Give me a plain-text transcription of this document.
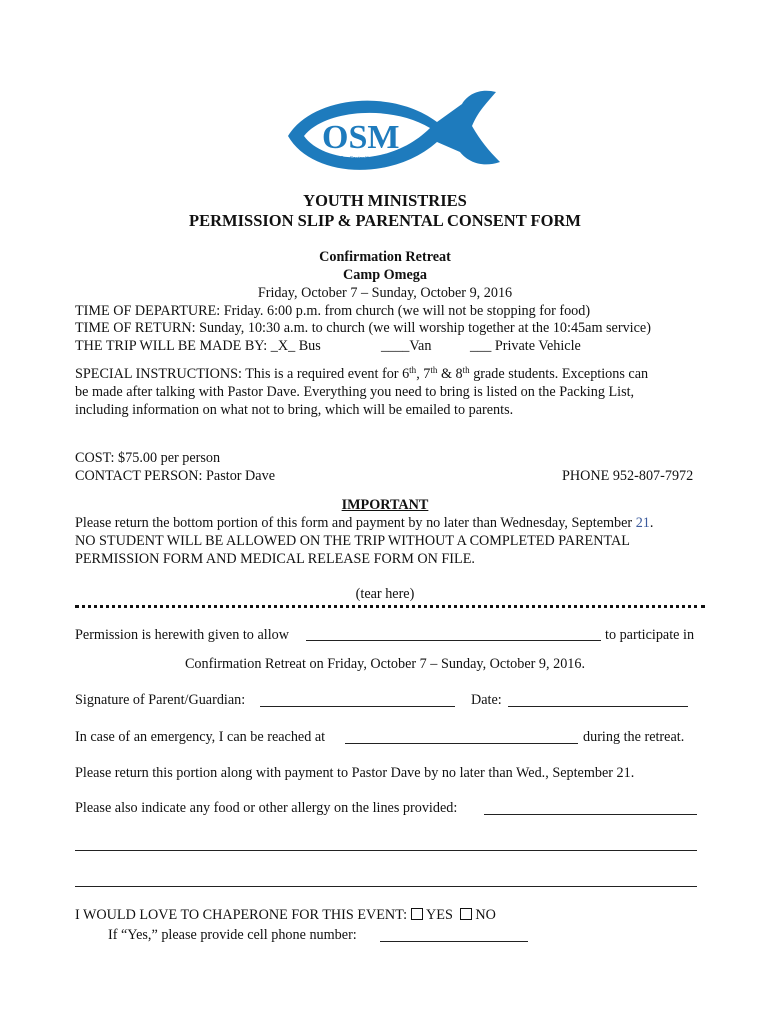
OSM
Our Savior Youth Ministry
YOUTH MINISTRIES
PERMISSION SLIP & PARENTAL CONSENT FORM
Confirmation Retreat
Camp Omega
Friday, October 7 – Sunday, October 9, 2016
TIME OF DEPARTURE: Friday. 6:00 p.m. from church (we will not be stopping for food)
TIME OF RETURN: Sunday, 10:30 a.m. to church (we will worship together at the 10:45am service)
THE TRIP WILL BE MADE BY: _X_ Bus	____Van	___ Private Vehicle
SPECIAL INSTRUCTIONS: This is a required event for 6th, 7th & 8th grade students. Exceptions can
be made after talking with Pastor Dave. Everything you need to bring is listed on the Packing List,
including information on what not to bring, which will be emailed to parents.
COST: $75.00 per person
CONTACT PERSON: Pastor Dave	PHONE 952-807-7972
IMPORTANT
Please return the bottom portion of this form and payment by no later than Wednesday, September 21.
NO STUDENT WILL BE ALLOWED ON THE TRIP WITHOUT A COMPLETED PARENTAL
PERMISSION FORM AND MEDICAL RELEASE FORM ON FILE.
(tear here)
Permission is herewith given to allow	to participate in
Confirmation Retreat on Friday, October 7 – Sunday, October 9, 2016.
Signature of Parent/Guardian:	Date:
In case of an emergency, I can be reached at	during the retreat.
Please return this portion along with payment to Pastor Dave by no later than Wed., September 21.
Please also indicate any food or other allergy on the lines provided:
I WOULD LOVE TO CHAPERONE FOR THIS EVENT: YES NO
If “Yes,” please provide cell phone number:
